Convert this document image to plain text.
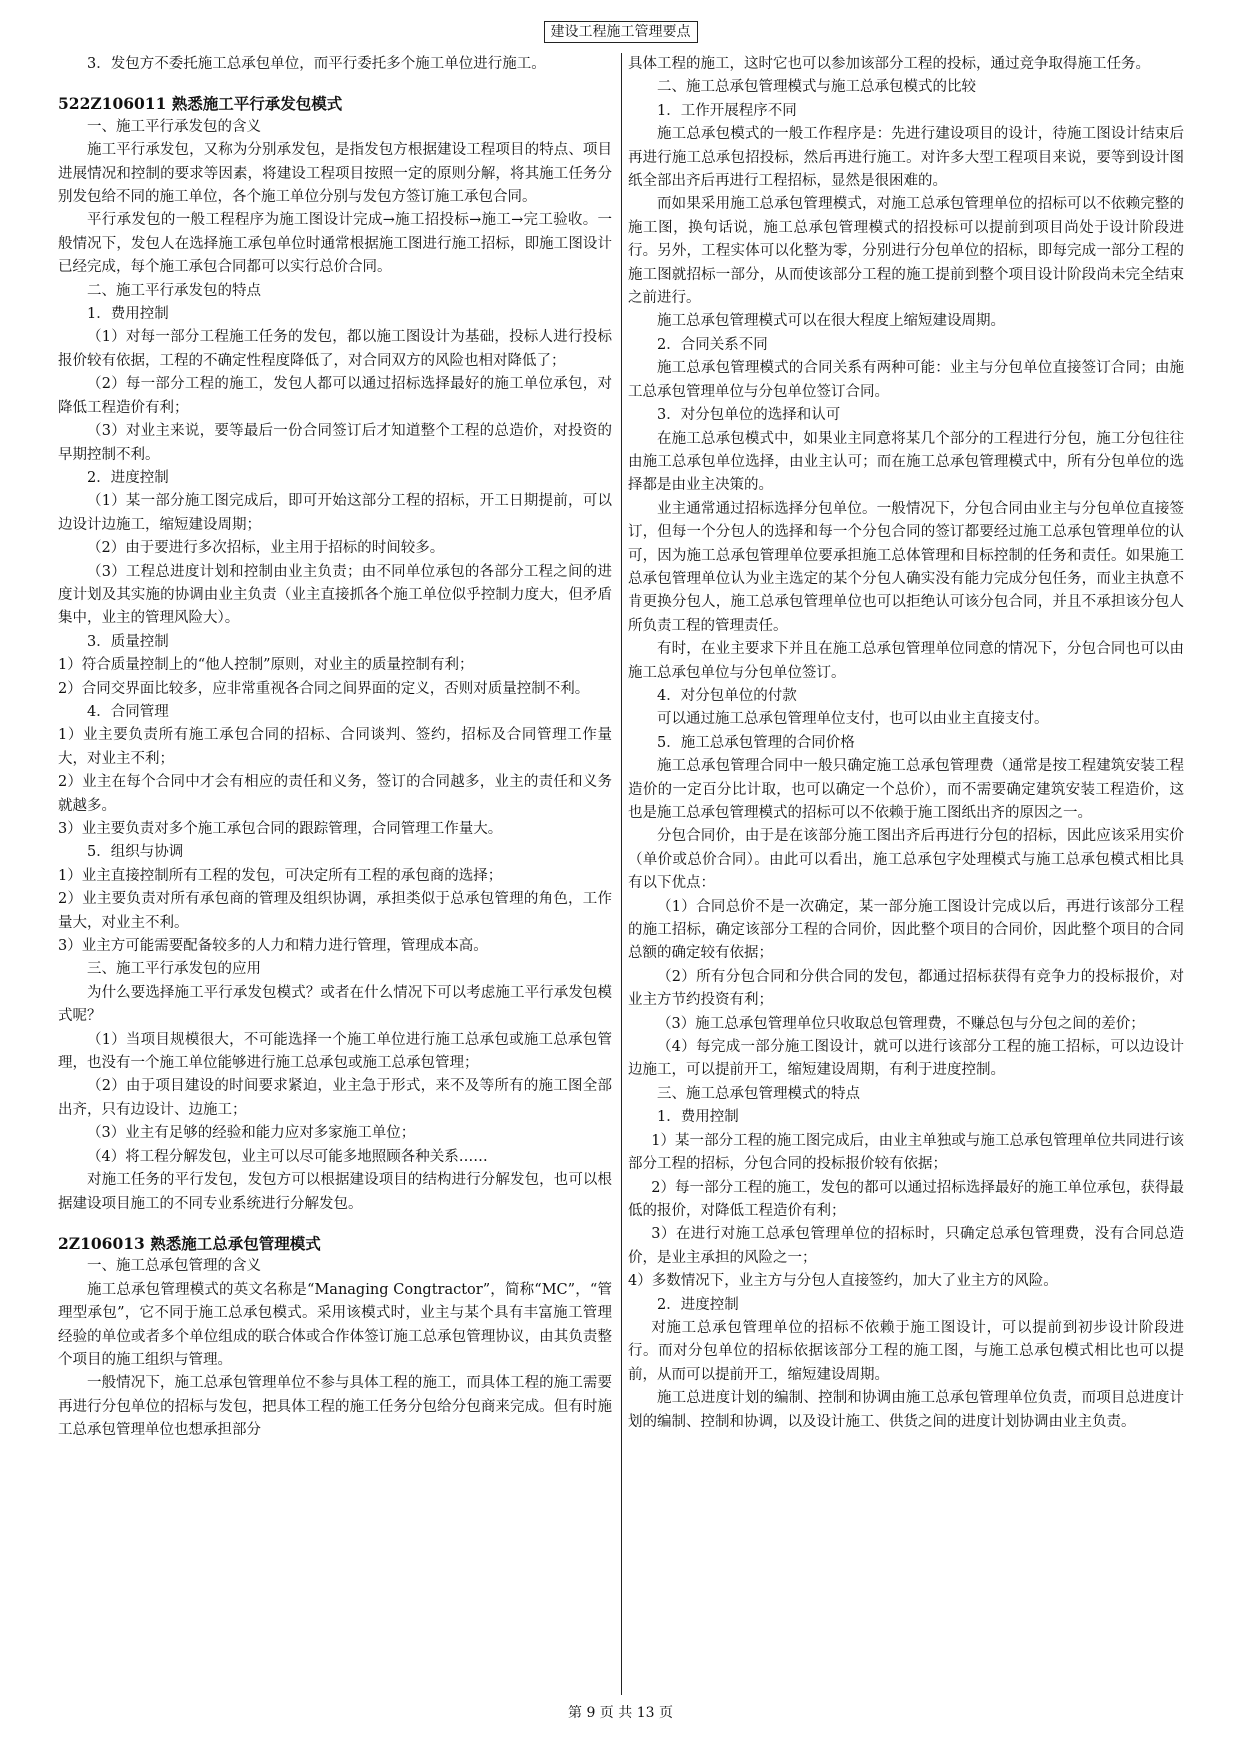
建设工程施工管理要点

3．发包方不委托施工总承包单位，而平行委托多个施工单位进行施工。

522Z106011 熟悉施工平行承发包模式

一、施工平行承发包的含义

施工平行承发包，又称为分别承发包，是指发包方根据建设工程项目的特点、项目进展情况和控制的要求等因素，将建设工程项目按照一定的原则分解，将其施工任务分别发包给不同的施工单位，各个施工单位分别与发包方签订施工承包合同。

平行承发包的一般工程程序为施工图设计完成→施工招投标→施工→完工验收。一般情况下，发包人在选择施工承包单位时通常根据施工图进行施工招标，即施工图设计已经完成，每个施工承包合同都可以实行总价合同。

二、施工平行承发包的特点

1．费用控制

（1）对每一部分工程施工任务的发包，都以施工图设计为基础，投标人进行投标报价较有依据，工程的不确定性程度降低了，对合同双方的风险也相对降低了；

（2）每一部分工程的施工，发包人都可以通过招标选择最好的施工单位承包，对降低工程造价有利；

（3）对业主来说，要等最后一份合同签订后才知道整个工程的总造价，对投资的早期控制不利。

2．进度控制

（1）某一部分施工图完成后，即可开始这部分工程的招标，开工日期提前，可以边设计边施工，缩短建设周期；

（2）由于要进行多次招标，业主用于招标的时间较多。

（3）工程总进度计划和控制由业主负责；由不同单位承包的各部分工程之间的进度计划及其实施的协调由业主负责（业主直接抓各个施工单位似乎控制力度大，但矛盾集中，业主的管理风险大）。

3．质量控制

1）符合质量控制上的“他人控制”原则，对业主的质量控制有利；

2）合同交界面比较多，应非常重视各合同之间界面的定义，否则对质量控制不利。

4．合同管理

1）业主要负责所有施工承包合同的招标、合同谈判、签约，招标及合同管理工作量大，对业主不利；

2）业主在每个合同中才会有相应的责任和义务，签订的合同越多，业主的责任和义务就越多。

3）业主要负责对多个施工承包合同的跟踪管理，合同管理工作量大。

5．组织与协调

1）业主直接控制所有工程的发包，可决定所有工程的承包商的选择；

2）业主要负责对所有承包商的管理及组织协调，承担类似于总承包管理的角色，工作量大，对业主不利。

3）业主方可能需要配备较多的人力和精力进行管理，管理成本高。

三、施工平行承发包的应用

为什么要选择施工平行承发包模式？或者在什么情况下可以考虑施工平行承发包模式呢？

（1）当项目规模很大，不可能选择一个施工单位进行施工总承包或施工总承包管理，也没有一个施工单位能够进行施工总承包或施工总承包管理；

（2）由于项目建设的时间要求紧迫，业主急于形式，来不及等所有的施工图全部出齐，只有边设计、边施工；

（3）业主有足够的经验和能力应对多家施工单位；

（4）将工程分解发包，业主可以尽可能多地照顾各种关系……

对施工任务的平行发包，发包方可以根据建设项目的结构进行分解发包，也可以根据建设项目施工的不同专业系统进行分解发包。

2Z106013 熟悉施工总承包管理模式

一、施工总承包管理的含义

施工总承包管理模式的英文名称是“Managing Congtractor”，简称“MC”，“管理型承包”，它不同于施工总承包模式。采用该模式时，业主与某个具有丰富施工管理经验的单位或者多个单位组成的联合体或合作体签订施工总承包管理协议，由其负责整个项目的施工组织与管理。

一般情况下，施工总承包管理单位不参与具体工程的施工，而具体工程的施工需要再进行分包单位的招标与发包，把具体工程的施工任务分包给分包商来完成。但有时施工总承包管理单位也想承担部分

具体工程的施工，这时它也可以参加该部分工程的投标，通过竞争取得施工任务。

二、施工总承包管理模式与施工总承包模式的比较

1．工作开展程序不同

施工总承包模式的一般工作程序是：先进行建设项目的设计，待施工图设计结束后再进行施工总承包招投标，然后再进行施工。对许多大型工程项目来说，要等到设计图纸全部出齐后再进行工程招标，显然是很困难的。

而如果采用施工总承包管理模式，对施工总承包管理单位的招标可以不依赖完整的施工图，换句话说，施工总承包管理模式的招投标可以提前到项目尚处于设计阶段进行。另外，工程实体可以化整为零，分别进行分包单位的招标，即每完成一部分工程的施工图就招标一部分，从而使该部分工程的施工提前到整个项目设计阶段尚未完全结束之前进行。

施工总承包管理模式可以在很大程度上缩短建设周期。

2．合同关系不同

施工总承包管理模式的合同关系有两种可能：业主与分包单位直接签订合同；由施工总承包管理单位与分包单位签订合同。

3．对分包单位的选择和认可

在施工总承包模式中，如果业主同意将某几个部分的工程进行分包，施工分包往往由施工总承包单位选择，由业主认可；而在施工总承包管理模式中，所有分包单位的选择都是由业主决策的。

业主通常通过招标选择分包单位。一般情况下，分包合同由业主与分包单位直接签订，但每一个分包人的选择和每一个分包合同的签订都要经过施工总承包管理单位的认可，因为施工总承包管理单位要承担施工总体管理和目标控制的任务和责任。如果施工总承包管理单位认为业主选定的某个分包人确实没有能力完成分包任务，而业主执意不肯更换分包人，施工总承包管理单位也可以拒绝认可该分包合同，并且不承担该分包人所负责工程的管理责任。

有时，在业主要求下并且在施工总承包管理单位同意的情况下，分包合同也可以由施工总承包单位与分包单位签订。

4．对分包单位的付款

可以通过施工总承包管理单位支付，也可以由业主直接支付。

5．施工总承包管理的合同价格

施工总承包管理合同中一般只确定施工总承包管理费（通常是按工程建筑安装工程造价的一定百分比计取，也可以确定一个总价），而不需要确定建筑安装工程造价，这也是施工总承包管理模式的招标可以不依赖于施工图纸出齐的原因之一。

分包合同价，由于是在该部分施工图出齐后再进行分包的招标，因此应该采用实价（单价或总价合同）。由此可以看出，施工总承包字处理模式与施工总承包模式相比具有以下优点：

（1）合同总价不是一次确定，某一部分施工图设计完成以后，再进行该部分工程的施工招标，确定该部分工程的合同价，因此整个项目的合同价，因此整个项目的合同总额的确定较有依据；

（2）所有分包合同和分供合同的发包，都通过招标获得有竞争力的投标报价，对业主方节约投资有利；

（3）施工总承包管理单位只收取总包管理费，不赚总包与分包之间的差价；

（4）每完成一部分施工图设计，就可以进行该部分工程的施工招标，可以边设计边施工，可以提前开工，缩短建设周期，有利于进度控制。

三、施工总承包管理模式的特点

1．费用控制

1）某一部分工程的施工图完成后，由业主单独或与施工总承包管理单位共同进行该部分工程的招标，分包合同的投标报价较有依据；

2）每一部分工程的施工，发包的都可以通过招标选择最好的施工单位承包，获得最低的报价，对降低工程造价有利；

3）在进行对施工总承包管理单位的招标时，只确定总承包管理费，没有合同总造价，是业主承担的风险之一；

4）多数情况下，业主方与分包人直接签约，加大了业主方的风险。

2．进度控制

对施工总承包管理单位的招标不依赖于施工图设计，可以提前到初步设计阶段进行。而对分包单位的招标依据该部分工程的施工图，与施工总承包模式相比也可以提前，从而可以提前开工，缩短建设周期。

施工总进度计划的编制、控制和协调由施工总承包管理单位负责，而项目总进度计划的编制、控制和协调，以及设计施工、供货之间的进度计划协调由业主负责。

第 9 页 共 13 页
